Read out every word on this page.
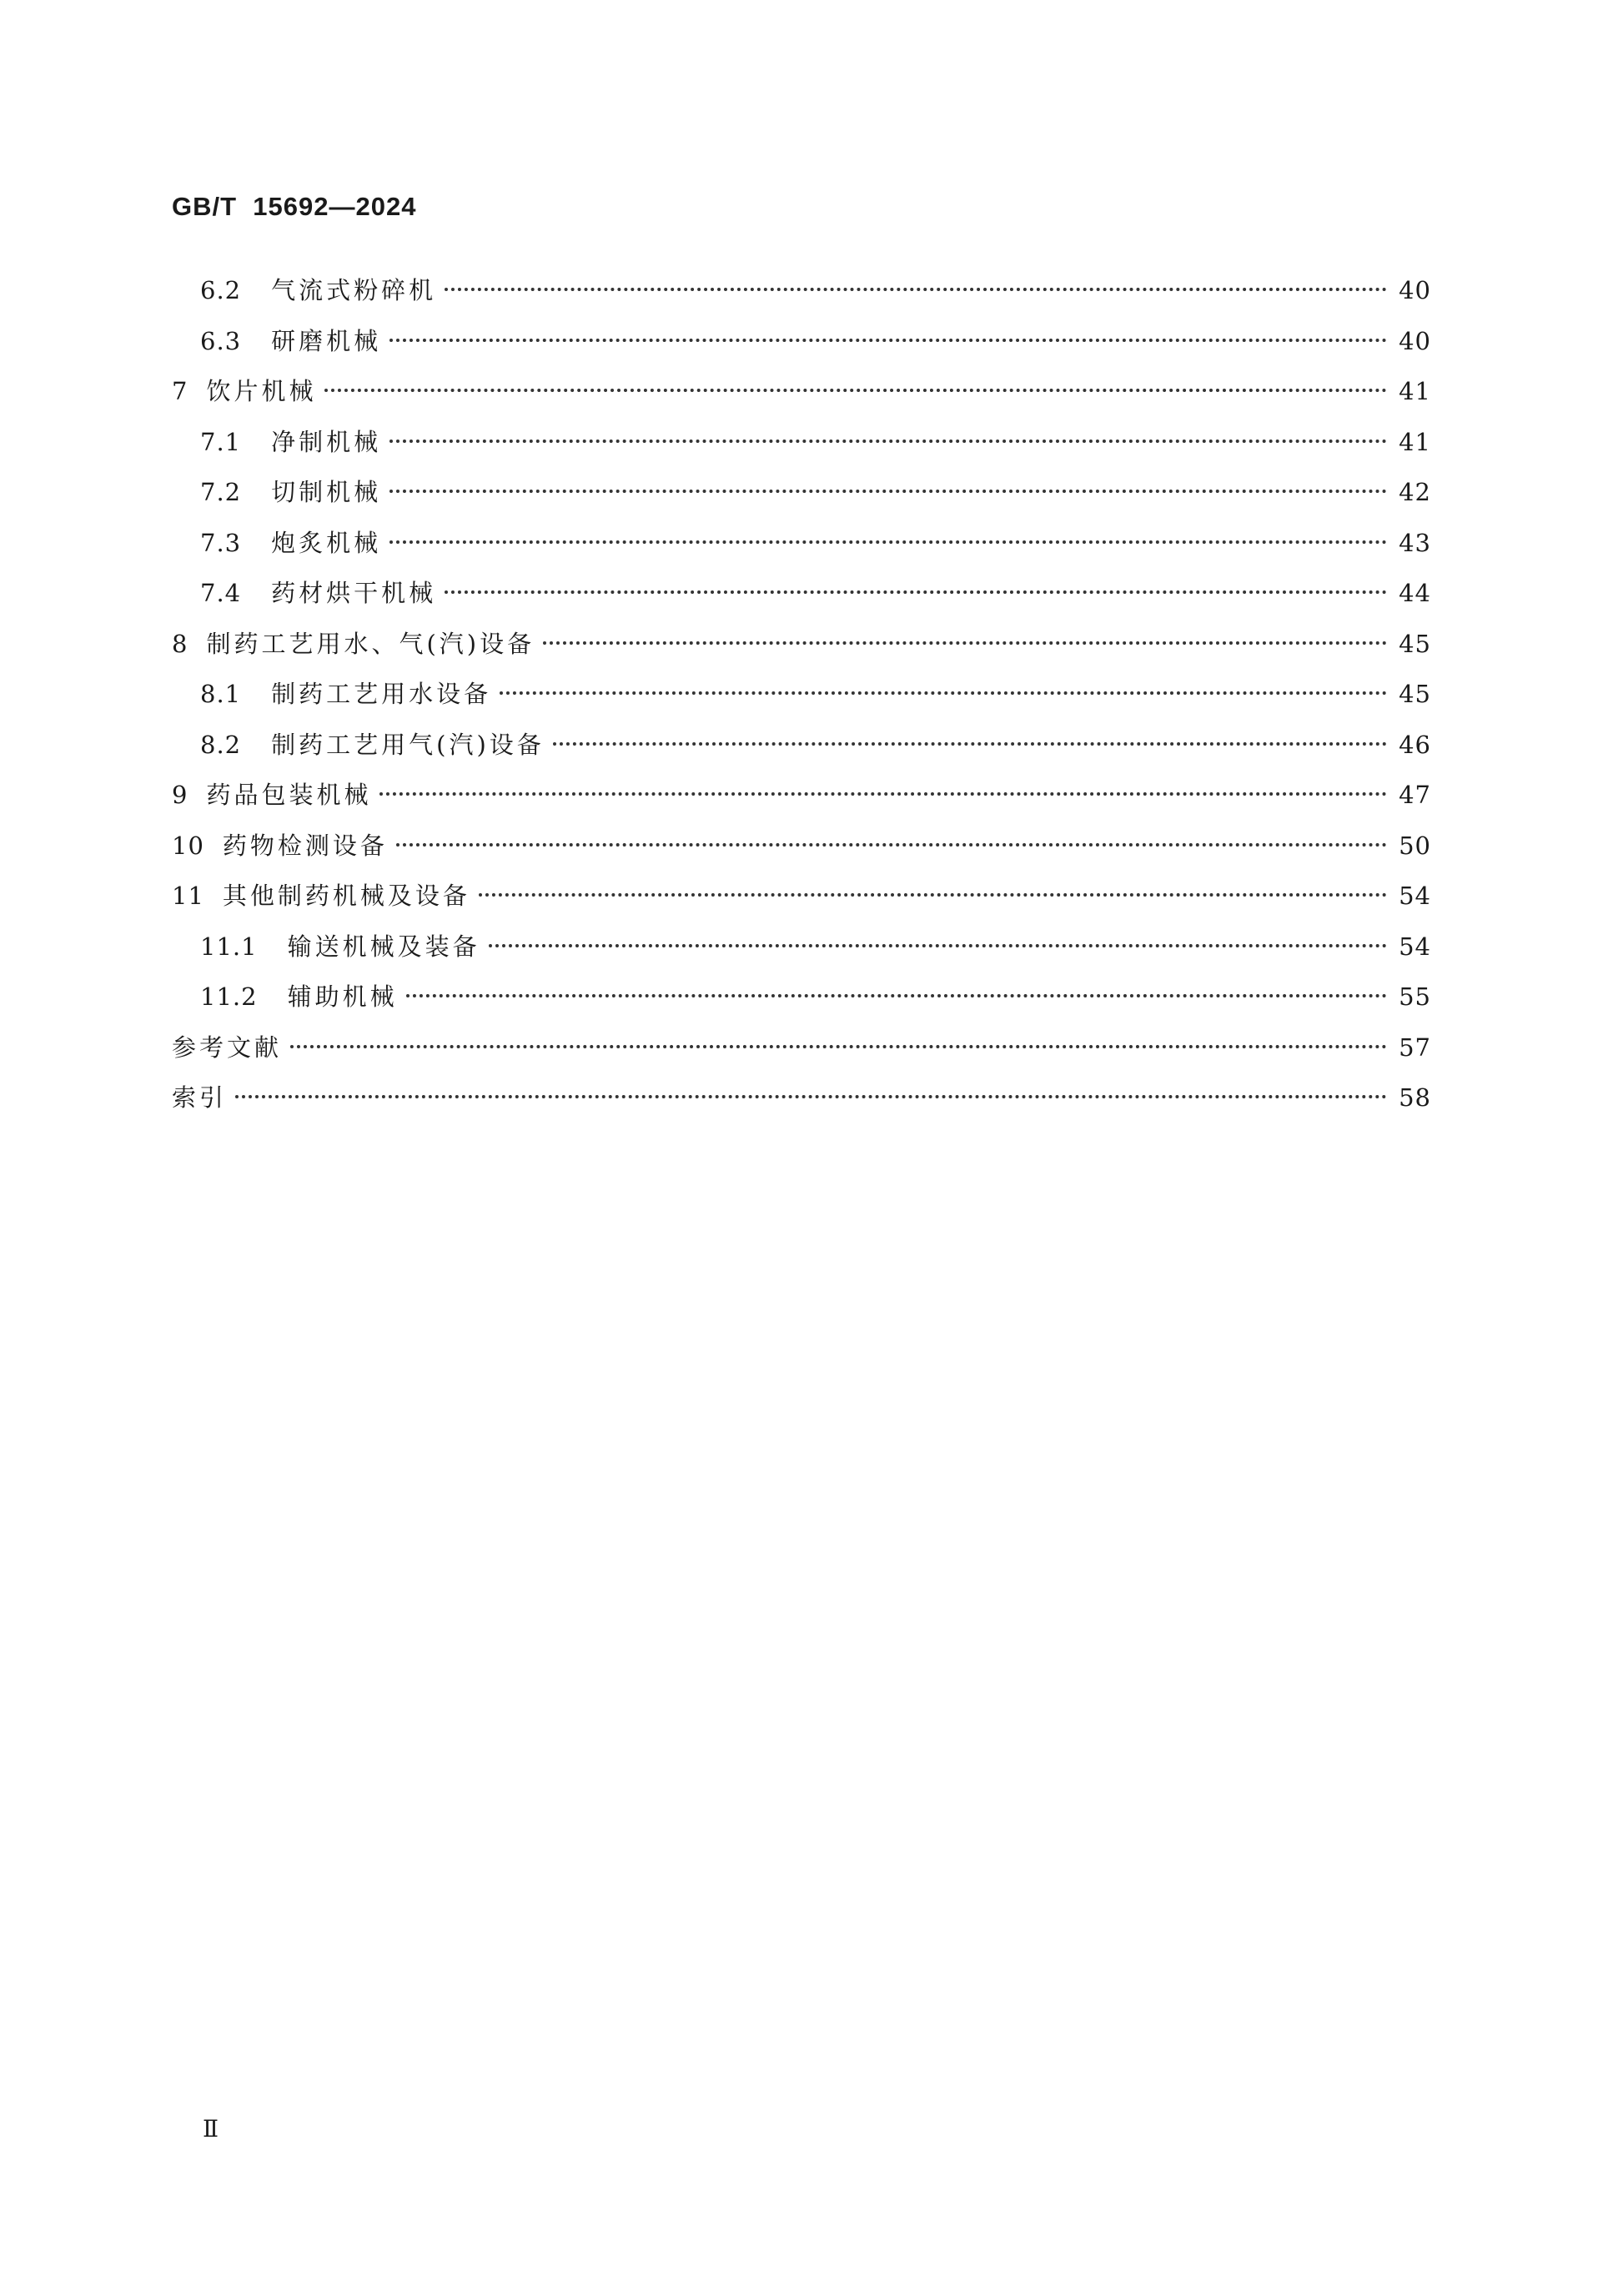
GB/T  15692—2024
6.2 气流式粉碎机	40
6.3 研磨机械	40
7 饮片机械	41
7.1 净制机械	41
7.2 切制机械	42
7.3 炮炙机械	43
7.4 药材烘干机械	44
8 制药工艺用水、气(汽)设备	45
8.1 制药工艺用水设备	45
8.2 制药工艺用气(汽)设备	46
9 药品包装机械	47
10 药物检测设备	50
11 其他制药机械及设备	54
11.1 输送机械及装备	54
11.2 辅助机械	55
参考文献	57
索引	58
Ⅱ
